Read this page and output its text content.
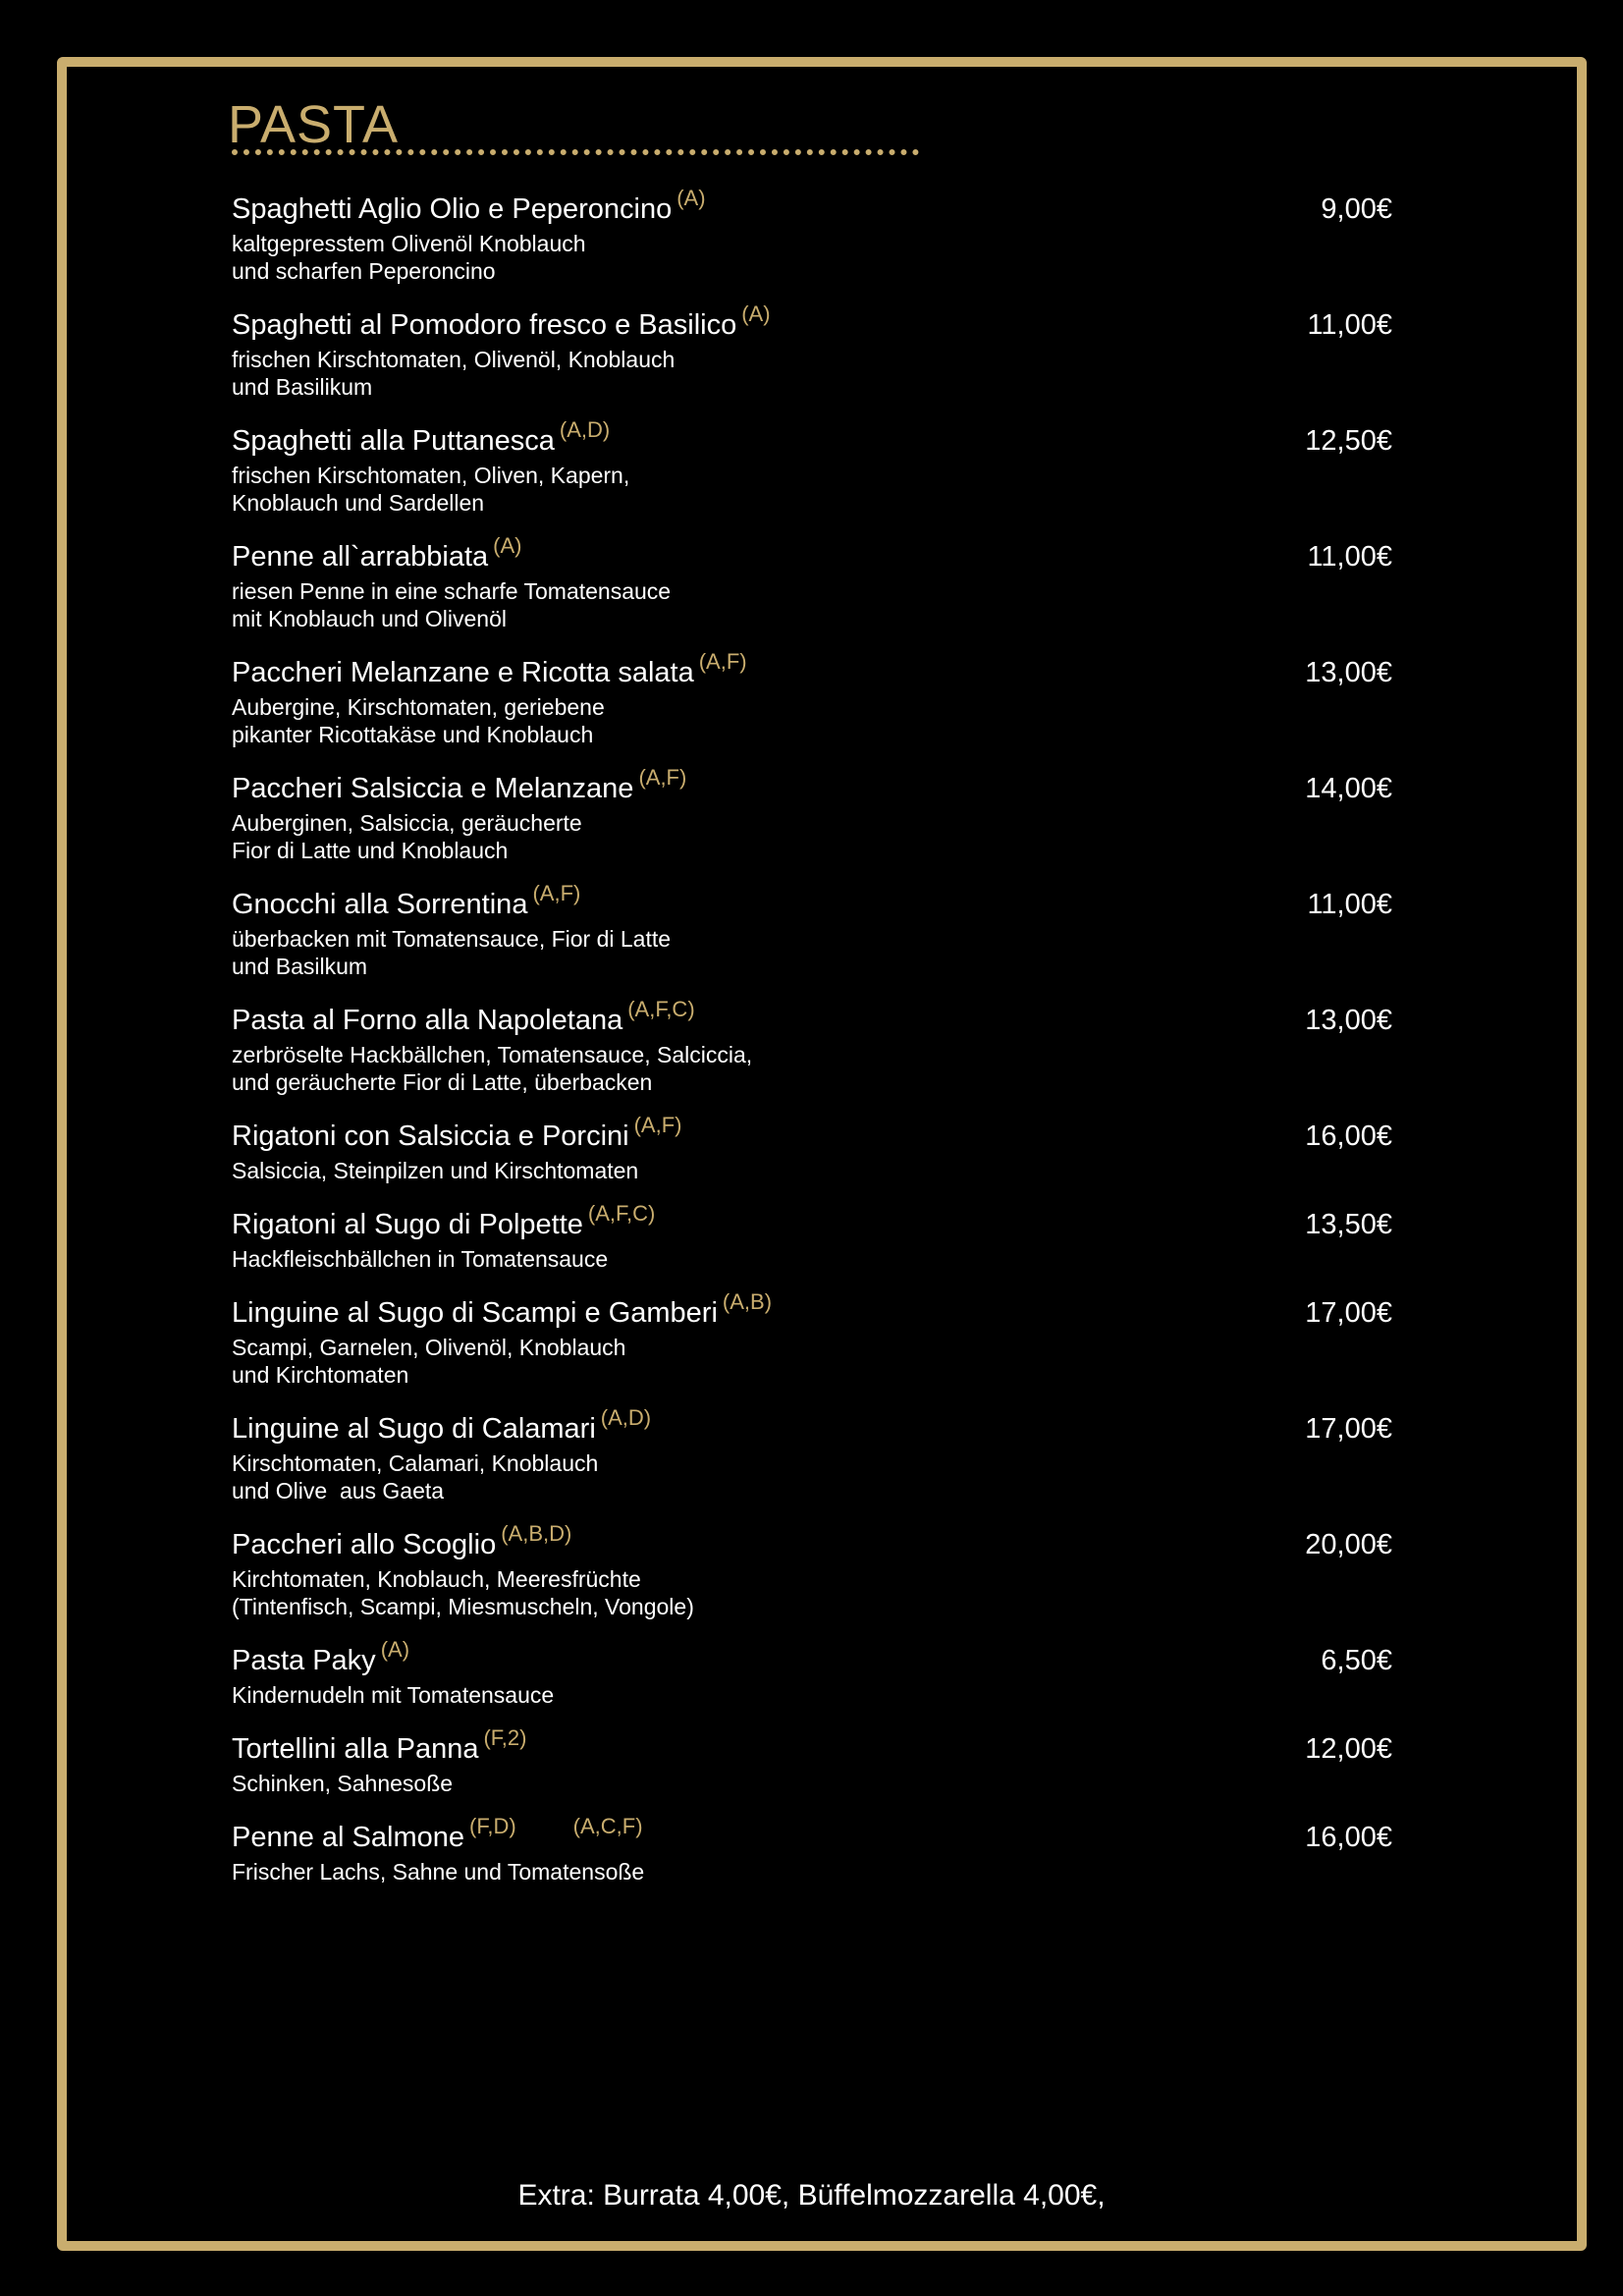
PASTA
Spaghetti Aglio Olio e Peperoncino $^{(A)}$
kaltgepresstem Olivenöl Knoblauch
und scharfen Peperoncino
9,00€
Spaghetti al Pomodoro fresco e Basilico $^{(A)}$
frischen Kirschtomaten, Olivenöl, Knoblauch
und Basilikum
11,00€
Spaghetti alla Puttanesca $^{(A,D)}$
frischen Kirschtomaten, Oliven, Kapern,
Knoblauch und Sardellen
12,50€
Penne all`arrabbiata $^{(A)}$
riesen Penne in eine scharfe Tomatensauce
mit Knoblauch und Olivenöl
11,00€
Paccheri Melanzane e Ricotta salata $^{(A,F)}$
Aubergine, Kirschtomaten, geriebene
pikanter Ricottakäse und Knoblauch
13,00€
Paccheri Salsiccia e Melanzane $^{(A,F)}$
Auberginen, Salsiccia, geräucherte
Fior di Latte und Knoblauch
14,00€
Gnocchi alla Sorrentina $^{(A,F)}$
überbacken mit Tomatensauce, Fior di Latte
und Basilkum
11,00€
Pasta al Forno alla Napoletana $^{(A,F,C)}$
zerbröselte Hackbällchen, Tomatensauce, Salciccia,
und geräucherte Fior di Latte, überbacken
13,00€
Rigatoni con Salsiccia e Porcini $^{(A,F)}$
Salsiccia, Steinpilzen und Kirschtomaten
16,00€
Rigatoni al Sugo di Polpette $^{(A,F,C)}$
Hackfleischbällchen in Tomatensauce
13,50€
Linguine al Sugo di Scampi e Gamberi $^{(A,B)}$
Scampi, Garnelen, Olivenöl, Knoblauch
und Kirchtomaten
17,00€
Linguine al Sugo di Calamari $^{(A,D)}$
Kirschtomaten, Calamari, Knoblauch
und Olive  aus Gaeta
17,00€
Paccheri allo Scoglio $^{(A,B,D)}$
Kirchtomaten, Knoblauch, Meeresfrüchte
(Tintenfisch, Scampi, Miesmuscheln, Vongole)
20,00€
Pasta Paky $^{(A)}$
Kindernudeln mit Tomatensauce
6,50€
Tortellini alla Panna $^{(F,2)}$
Schinken, Sahnesoße
12,00€
Penne al Salmone $^{(F,D)}$	$^{(A,C,F)}$
Frischer Lachs, Sahne und Tomatensoße
16,00€
Extra: Burrata 4,00€, Büffelmozzarella 4,00€,
